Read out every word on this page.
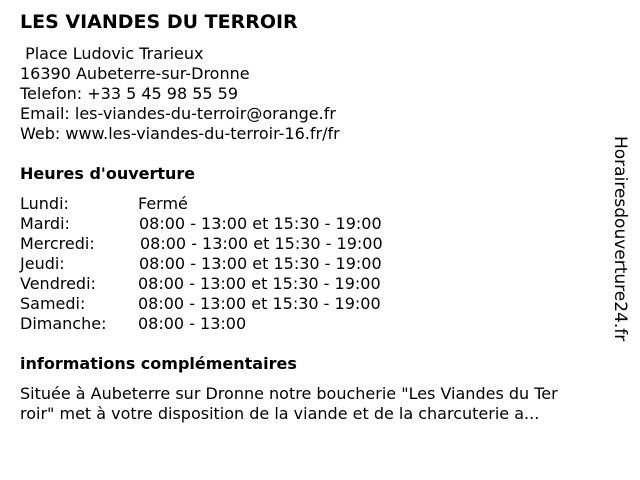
LES VIANDES DU TERROIR
Place Ludovic Trarieux
16390 Aubeterre-sur-Dronne
Telefon: +33 5 45 98 55 59
Email: les-viandes-du-terroir@orange.fr
Web: www.les-viandes-du-terroir-16.fr/fr
Heures d'ouverture
Lundi:	Fermé
Mardi:	08:00 - 13:00 et 15:30 - 19:00
Mercredi:	08:00 - 13:00 et 15:30 - 19:00
Jeudi:	08:00 - 13:00 et 15:30 - 19:00
Vendredi:	08:00 - 13:00 et 15:30 - 19:00
Samedi:	08:00 - 13:00 et 15:30 - 19:00
Dimanche: 08:00 - 13:00
informations complémentaires
Située à Aubeterre sur Dronne notre boucherie "Les Viandes du Ter
roir" met à votre disposition de la viande et de la charcuterie a...
Horairesdouverture24.fr
